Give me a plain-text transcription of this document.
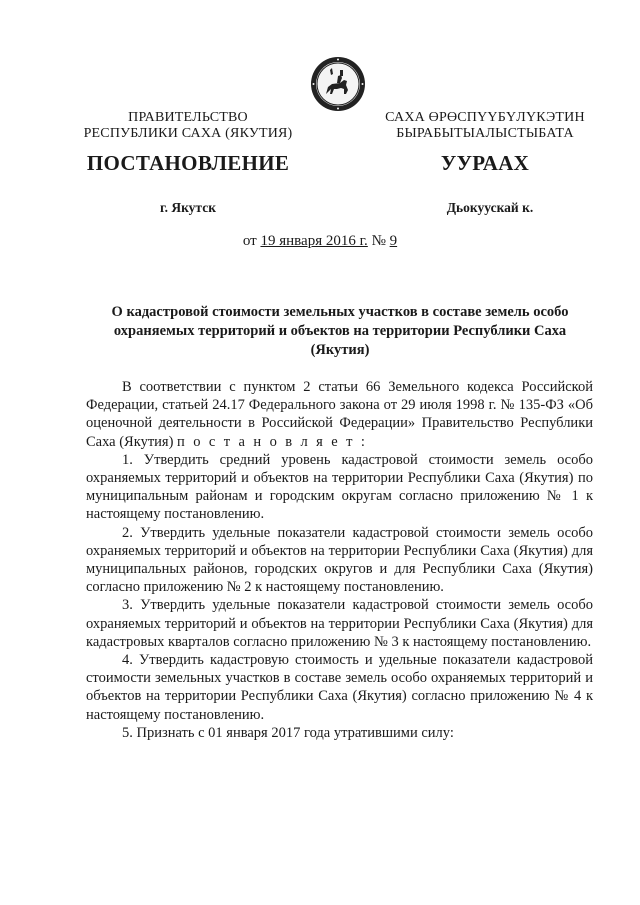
ПРАВИТЕЛЬСТВО
РЕСПУБЛИКИ САХА (ЯКУТИЯ)
САХА ӨРӨСПҮҮБҮЛҮКЭТИН
БЫРАБЫТЫАЛЫСТЫБАТА
ПОСТАНОВЛЕНИЕ	УУРААХ
г. Якутск	Дьокуускай к.
от 19 января 2016 г. № 9
О кадастровой стоимости земельных участков в составе земель особо охраняемых территорий и объектов на территории Республики Саха (Якутия)

В соответствии с пунктом 2 статьи 66 Земельного кодекса Российской Федерации, статьей 24.17 Федерального закона от 29 июля 1998 г. № 135-ФЗ «Об оценочной деятельности в Российской Федерации» Правительство Республики Саха (Якутия) п о с т а н о в л я е т :

1. Утвердить средний уровень кадастровой стоимости земель особо охраняемых территорий и объектов на территории Республики Саха (Якутия) по муниципальным районам и городским округам согласно приложению № 1 к настоящему постановлению.

2. Утвердить удельные показатели кадастровой стоимости земель особо охраняемых территорий и объектов на территории Республики Саха (Якутия) для муниципальных районов, городских округов и для Республики Саха (Якутия) согласно приложению № 2 к настоящему постановлению.

3. Утвердить удельные показатели кадастровой стоимости земель особо охраняемых территорий и объектов на территории Республики Саха (Якутия) для кадастровых кварталов согласно приложению № 3 к настоящему постановлению.

4. Утвердить кадастровую стоимость и удельные показатели кадастровой стоимости земельных участков в составе земель особо охраняемых территорий и объектов на территории Республики Саха (Якутия) согласно приложению № 4 к настоящему постановлению.

5. Признать с 01 января 2017 года утратившими силу:
